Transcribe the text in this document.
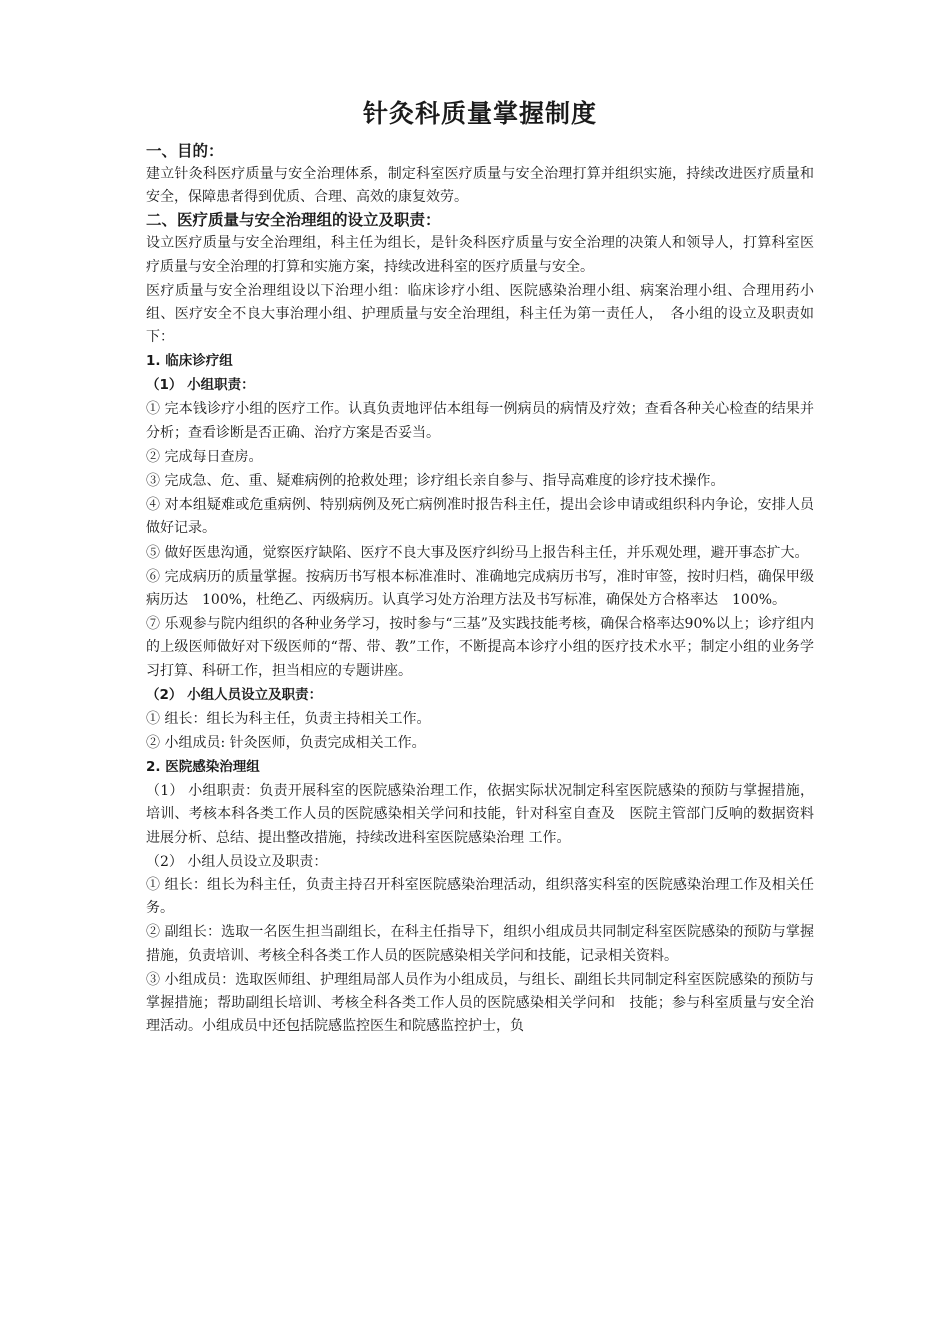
针灸科质量掌握制度
一、目的：

建立针灸科医疗质量与安全治理体系，制定科室医疗质量与安全治理打算并组织实施，持续改进医疗质量和安全，保障患者得到优质、合理、高效的康复效劳。

二、医疗质量与安全治理组的设立及职责：

设立医疗质量与安全治理组，科主任为组长，是针灸科医疗质量与安全治理的决策人和领导人，打算科室医疗质量与安全治理的打算和实施方案，持续改进科室的医疗质量与安全。

医疗质量与安全治理组设以下治理小组：临床诊疗小组、医院感染治理小组、病案治理小组、合理用药小组、医疗安全不良大事治理小组、护理质量与安全治理组，科主任为第一责任人，　各小组的设立及职责如下：

1. 临床诊疗组
（1） 小组职责：

① 完本钱诊疗小组的医疗工作。认真负责地评估本组每一例病员的病情及疗效；查看各种关心检查的结果并分析；查看诊断是否正确、治疗方案是否妥当。

② 完成每日查房。

③ 完成急、危、重、疑难病例的抢救处理；诊疗组长亲自参与、指导高难度的诊疗技术操作。

④ 对本组疑难或危重病例、特别病例及死亡病例准时报告科主任，提出会诊申请或组织科内争论，安排人员做好记录。

⑤ 做好医患沟通，觉察医疗缺陷、医疗不良大事及医疗纠纷马上报告科主任，并乐观处理，避开事态扩大。

⑥ 完成病历的质量掌握。按病历书写根本标准准时、准确地完成病历书写，准时审签，按时归档，确保甲级病历达　100%，杜绝乙、丙级病历。认真学习处方治理方法及书写标准，确保处方合格率达　100%。

⑦ 乐观参与院内组织的各种业务学习，按时参与“三基”及实践技能考核，确保合格率达90%以上；诊疗组内的上级医师做好对下级医师的“帮、带、教”工作，不断提高本诊疗小组的医疗技术水平；制定小组的业务学习打算、科研工作，担当相应的专题讲座。

（2） 小组人员设立及职责：

① 组长：组长为科主任，负责主持相关工作。

② 小组成员: 针灸医师，负责完成相关工作。

2. 医院感染治理组

（1） 小组职责：负责开展科室的医院感染治理工作，依据实际状况制定科室医院感染的预防与掌握措施，培训、考核本科各类工作人员的医院感染相关学问和技能，针对科室自查及　医院主管部门反响的数据资料进展分析、总结、提出整改措施，持续改进科室医院感染治理 工作。

（2） 小组人员设立及职责：

① 组长：组长为科主任，负责主持召开科室医院感染治理活动，组织落实科室的医院感染治理工作及相关任务。

② 副组长：选取一名医生担当副组长，在科主任指导下，组织小组成员共同制定科室医院感染的预防与掌握措施，负责培训、考核全科各类工作人员的医院感染相关学问和技能，记录相关资料。

③ 小组成员：选取医师组、护理组局部人员作为小组成员，与组长、副组长共同制定科室医院感染的预防与掌握措施；帮助副组长培训、考核全科各类工作人员的医院感染相关学问和　技能；参与科室质量与安全治理活动。小组成员中还包括院感监控医生和院感监控护士，负
